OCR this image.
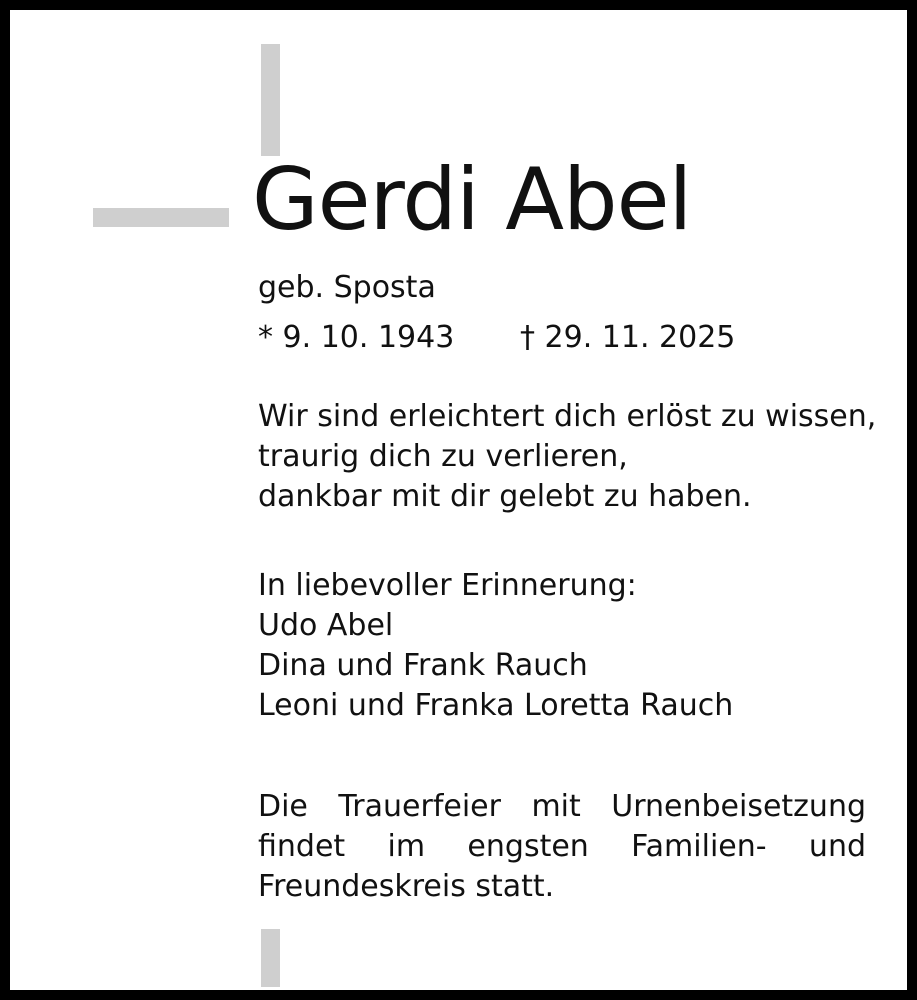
Gerdi Abel
geb. Sposta
* 9. 10. 1943 † 29. 11. 2025
Wir sind erleichtert dich erlöst zu wissen,
traurig dich zu verlieren,
dankbar mit dir gelebt zu haben.
In liebevoller Erinnerung:
Udo Abel
Dina und Frank Rauch
Leoni und Franka Loretta Rauch
Die Trauerfeier mit Urnenbeisetzung
findet im engsten Familien- und
Freundeskreis statt.
